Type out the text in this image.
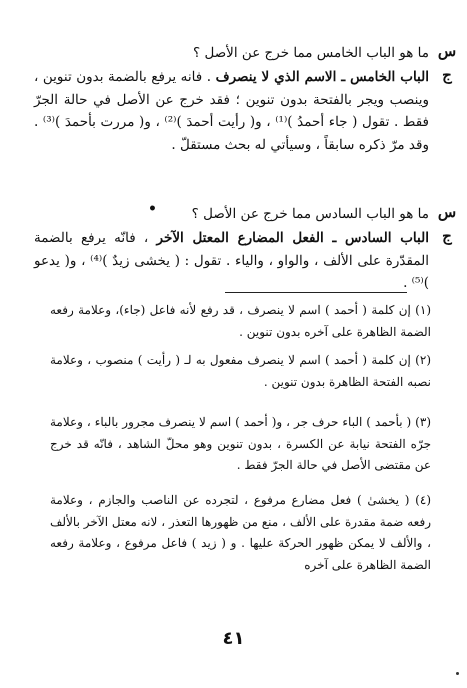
س
ما هو الباب الخامس مما خرج عن الأصل ؟
ج
الباب الخامس ـ الاسم الذي لا ينصرف . فانه يرفع بالضمة بدون تنوين ، وينصب ويجر بالفتحة بدون تنوين ؛ فقد خرج عن الأصل في حالة الجرّ فقط . تقول ( جاء أحمدُ )⁽¹⁾ ، و( رأيت أحمدَ )⁽²⁾ ، و( مررت بأحمدَ )⁽³⁾ . وقد مرّ ذكره سابقاً ، وسيأتي له بحث مستقلّ .
س
ما هو الباب السادس مما خرج عن الأصل ؟
•
ج
الباب السادس ـ الفعل المضارع المعتل الآخر ، فانّه يرفع بالضمة المقدّرة على الألف ، والواو ، والياء . تقول : ( يخشى زيدٌ )⁽⁴⁾ ، و( يدعو )⁽⁵⁾ .

(١) إن كلمة ( أحمد ) اسم لا ينصرف ، قد رفع لأنه فاعل (جاء)، وعلامة رفعه الضمة الظاهرة على آخره بدون تنوين .

(٢) إن كلمة ( أحمد ) اسم لا ينصرف مفعول به لـ ( رأيت ) منصوب ، وعلامة نصبه الفتحة الظاهرة بدون تنوين .

(٣) ( بأحمد ) الباء حرف جر ، و( أحمد ) اسم لا ينصرف مجرور بالباء ، وعلامة جرّه الفتحة نيابة عن الكسرة ، بدون تنوين وهو محلّ الشاهد ، فانّه قد خرج عن مقتضى الأصل في حالة الجرّ فقط .

(٤) ( يخشىٰ ) فعل مضارع مرفوع ، لتجرده عن الناصب والجازم ، وعلامة رفعه ضمة مقدرة على الألف ، منع من ظهورها التعذر ، لانه معتل الآخر بالألف ، والألف لا يمكن ظهور الحركة عليها . و ( زيد ) فاعل مرفوع ، وعلامة رفعه الضمة الظاهرة على آخره

٤١
